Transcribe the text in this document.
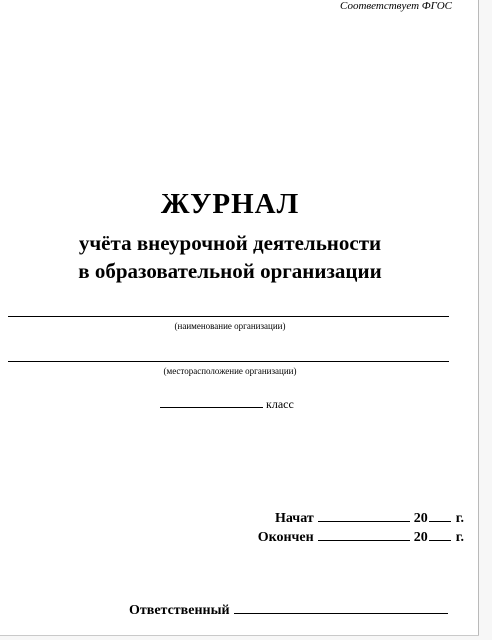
Соответствует ФГОС
ЖУРНАЛ
учёта внеурочной деятельности
в образовательной организации
(наименование организации)
(месторасположение организации)
класс
Начат	20 г.
Окончен	20 г.
Ответственный
